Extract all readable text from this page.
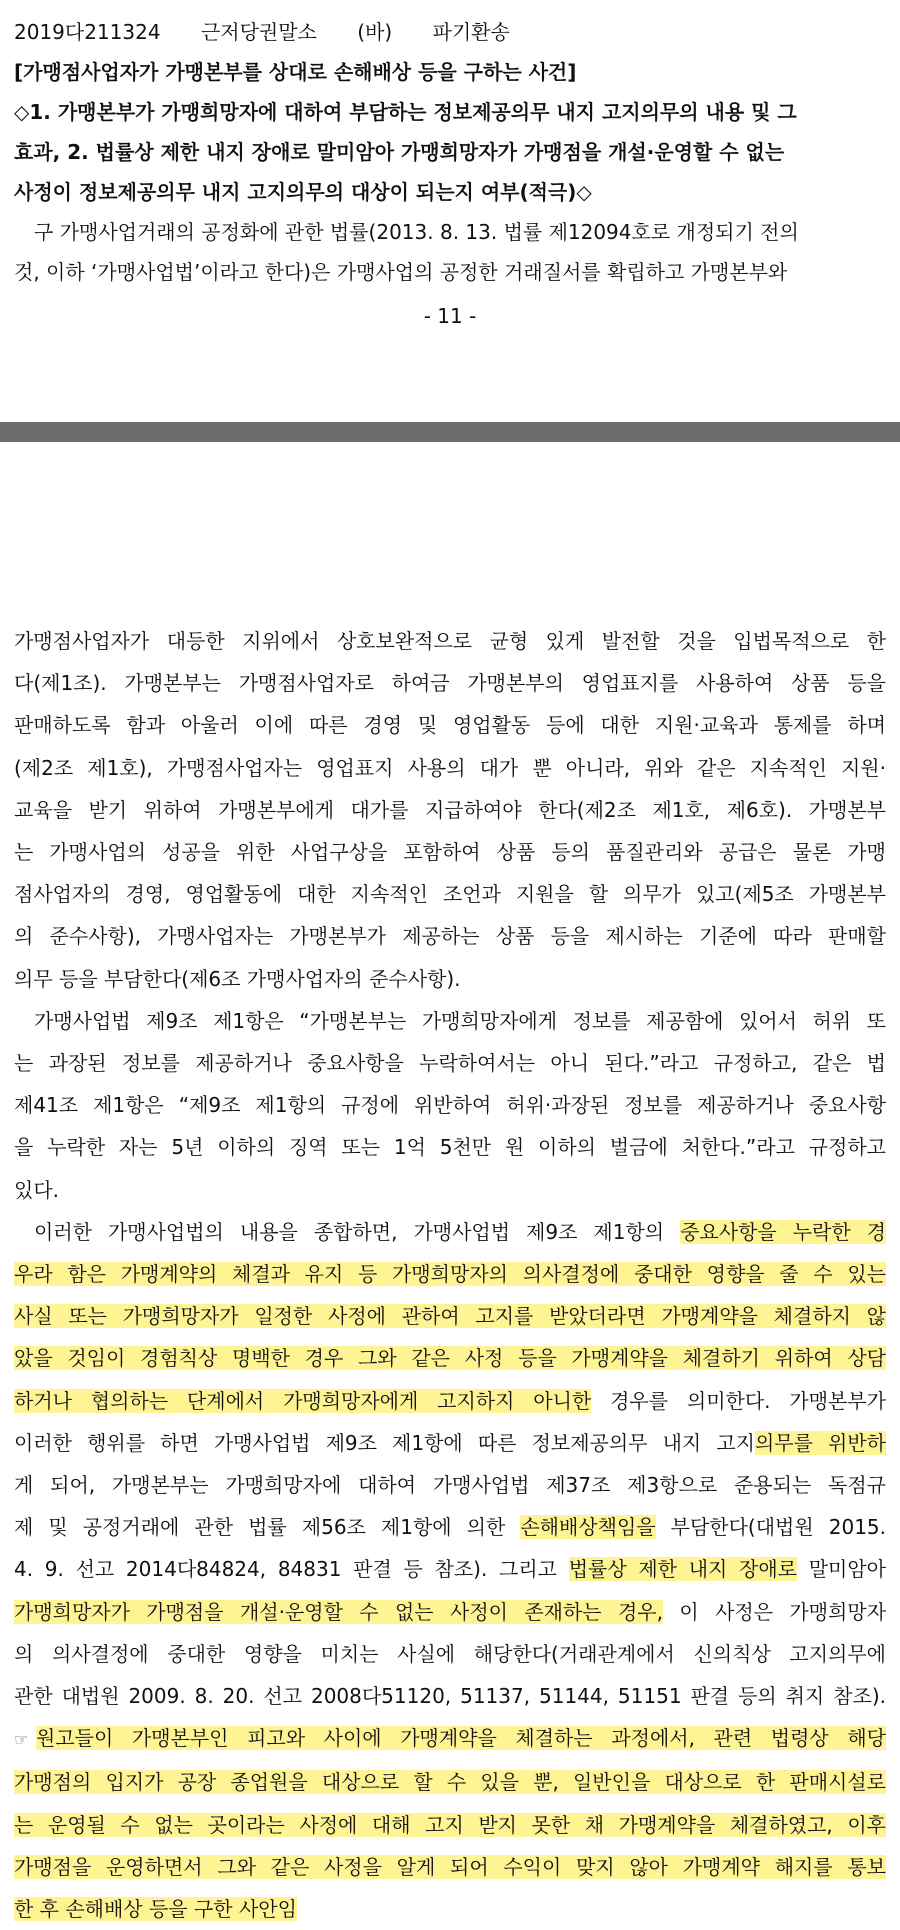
2019다211324 근저당권말소 (바) 파기환송
[가맹점사업자가 가맹본부를 상대로 손해배상 등을 구하는 사건]
◇1. 가맹본부가 가맹희망자에 대하여 부담하는 정보제공의무 내지 고지의무의 내용 및 그
효과, 2. 법률상 제한 내지 장애로 말미암아 가맹희망자가 가맹점을 개설·운영할 수 없는
사정이 정보제공의무 내지 고지의무의 대상이 되는지 여부(적극)◇
구 가맹사업거래의 공정화에 관한 법률(2013. 8. 13. 법률 제12094호로 개정되기 전의
것, 이하 ‘가맹사업법’이라고 한다)은 가맹사업의 공정한 거래질서를 확립하고 가맹본부와
- 11 -
가맹점사업자가 대등한 지위에서 상호보완적으로 균형 있게 발전할 것을 입법목적으로 한
다(제1조). 가맹본부는 가맹점사업자로 하여금 가맹본부의 영업표지를 사용하여 상품 등을
판매하도록 함과 아울러 이에 따른 경영 및 영업활동 등에 대한 지원·교육과 통제를 하며
(제2조 제1호), 가맹점사업자는 영업표지 사용의 대가 뿐 아니라, 위와 같은 지속적인 지원·
교육을 받기 위하여 가맹본부에게 대가를 지급하여야 한다(제2조 제1호, 제6호). 가맹본부
는 가맹사업의 성공을 위한 사업구상을 포함하여 상품 등의 품질관리와 공급은 물론 가맹
점사업자의 경영, 영업활동에 대한 지속적인 조언과 지원을 할 의무가 있고(제5조 가맹본부
의 준수사항), 가맹사업자는 가맹본부가 제공하는 상품 등을 제시하는 기준에 따라 판매할
의무 등을 부담한다(제6조 가맹사업자의 준수사항).
가맹사업법 제9조 제1항은 “가맹본부는 가맹희망자에게 정보를 제공함에 있어서 허위 또
는 과장된 정보를 제공하거나 중요사항을 누락하여서는 아니 된다.”라고 규정하고, 같은 법
제41조 제1항은 “제9조 제1항의 규정에 위반하여 허위·과장된 정보를 제공하거나 중요사항
을 누락한 자는 5년 이하의 징역 또는 1억 5천만 원 이하의 벌금에 처한다.”라고 규정하고
있다.
이러한 가맹사업법의 내용을 종합하면, 가맹사업법 제9조 제1항의 중요사항을 누락한 경
우라 함은 가맹계약의 체결과 유지 등 가맹희망자의 의사결정에 중대한 영향을 줄 수 있는
사실 또는 가맹희망자가 일정한 사정에 관하여 고지를 받았더라면 가맹계약을 체결하지 않
았을 것임이 경험칙상 명백한 경우 그와 같은 사정 등을 가맹계약을 체결하기 위하여 상담
하거나 협의하는 단계에서 가맹희망자에게 고지하지 아니한 경우를 의미한다. 가맹본부가
이러한 행위를 하면 가맹사업법 제9조 제1항에 따른 정보제공의무 내지 고지의무를 위반하
게 되어, 가맹본부는 가맹희망자에 대하여 가맹사업법 제37조 제3항으로 준용되는 독점규
제 및 공정거래에 관한 법률 제56조 제1항에 의한 손해배상책임을 부담한다(대법원 2015.
4. 9. 선고 2014다84824, 84831 판결 등 참조). 그리고 법률상 제한 내지 장애로 말미암아
가맹희망자가 가맹점을 개설·운영할 수 없는 사정이 존재하는 경우, 이 사정은 가맹희망자
의 의사결정에 중대한 영향을 미치는 사실에 해당한다(거래관계에서 신의칙상 고지의무에
관한 대법원 2009. 8. 20. 선고 2008다51120, 51137, 51144, 51151 판결 등의 취지 참조).
☞ 원고들이 가맹본부인 피고와 사이에 가맹계약을 체결하는 과정에서, 관련 법령상 해당
가맹점의 입지가 공장 종업원을 대상으로 할 수 있을 뿐, 일반인을 대상으로 한 판매시설로
는 운영될 수 없는 곳이라는 사정에 대해 고지 받지 못한 채 가맹계약을 체결하였고, 이후
가맹점을 운영하면서 그와 같은 사정을 알게 되어 수익이 맞지 않아 가맹계약 해지를 통보
한 후 손해배상 등을 구한 사안임
